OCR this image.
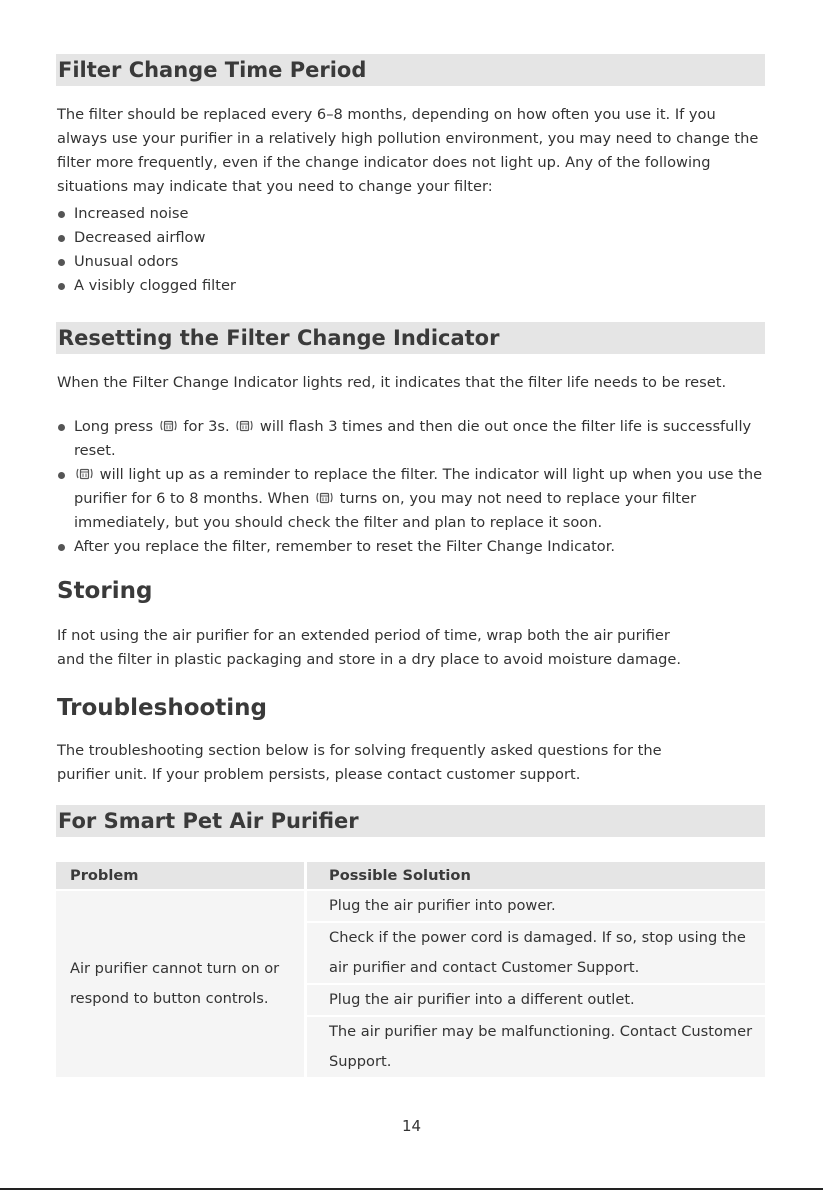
Filter Change Time Period

The filter should be replaced every 6–8 months, depending on how often you use it. If you always use your purifier in a relatively high pollution environment, you may need to change the filter more frequently, even if the change indicator does not light up. Any of the following situations may indicate that you need to change your filter:

Increased noise
Decreased airflow
Unusual odors
A visibly clogged filter
Resetting the Filter Change Indicator

When the Filter Change Indicator lights red, it indicates that the filter life needs to be reset.

Long press for 3s. will flash 3 times and then die out once the filter life is successfully reset.
will light up as a reminder to replace the filter. The indicator will light up when you use the purifier for 6 to 8 months. When turns on, you may not need to replace your filter immediately, but you should check the filter and plan to replace it soon.
After you replace the filter, remember to reset the Filter Change Indicator.
Storing

If not using the air purifier for an extended period of time, wrap both the air purifier
and the filter in plastic packaging and store in a dry place to avoid moisture damage.

Troubleshooting

The troubleshooting section below is for solving frequently asked questions for the
purifier unit. If your problem persists, please contact customer support.

For Smart Pet Air Purifier
Problem	Possible Solution
Air purifier cannot turn on or
respond to button controls.	Plug the air purifier into power.
	Check if the power cord is damaged. If so, stop using the air purifier and contact Customer Support.
	Plug the air purifier into a different outlet.
	The air purifier may be malfunctioning. Contact Customer Support.
14
